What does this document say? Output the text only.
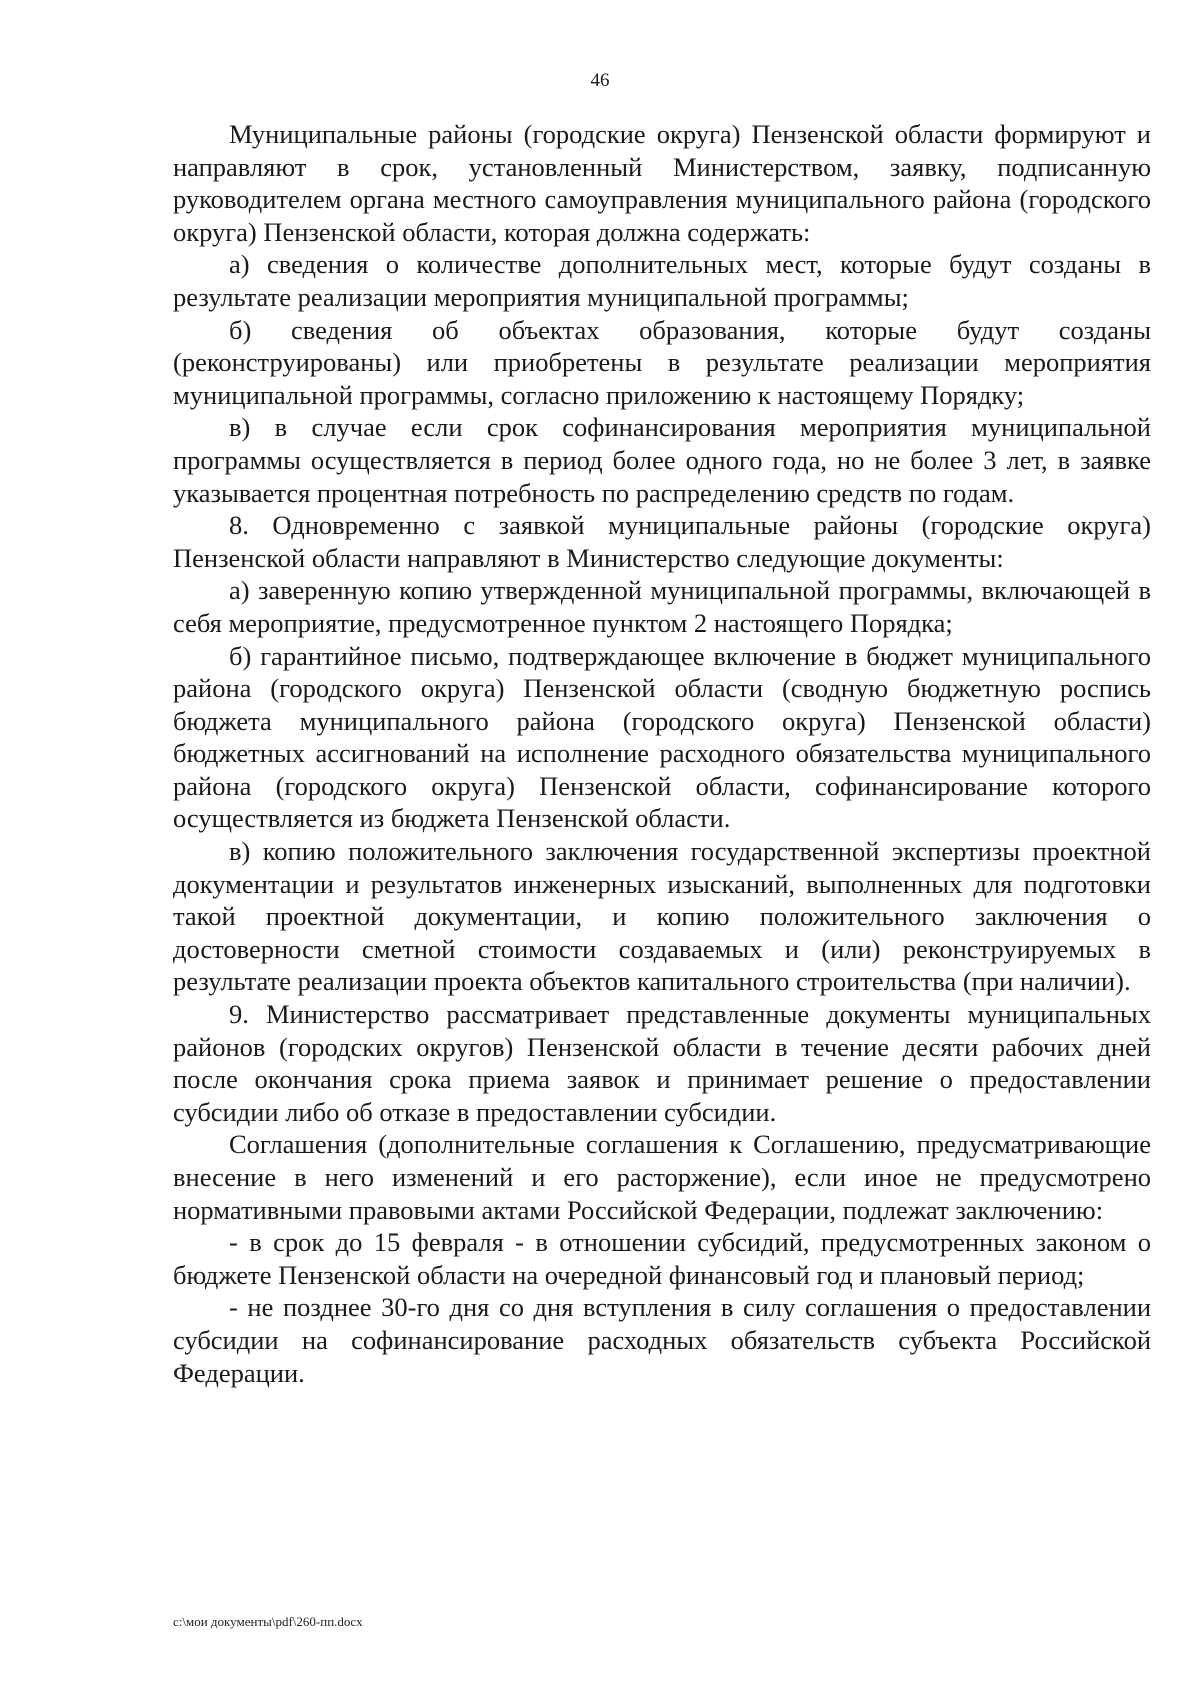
46

Муниципальные районы (городские округа) Пензенской области формируют и направляют в срок, установленный Министерством, заявку, подписанную руководителем органа местного самоуправления муниципального района (городского округа) Пензенской области, которая должна содержать:

а) сведения о количестве дополнительных мест, которые будут созданы в результате реализации мероприятия муниципальной программы;

б) сведения об объектах образования, которые будут созданы (реконструированы) или приобретены в результате реализации мероприятия муниципальной программы, согласно приложению к настоящему Порядку;

в) в случае если срок софинансирования мероприятия муниципальной программы осуществляется в период более одного года, но не более 3 лет, в заявке указывается процентная потребность по распределению средств по годам.

8. Одновременно с заявкой муниципальные районы (городские округа) Пензенской области направляют в Министерство следующие документы:

а) заверенную копию утвержденной муниципальной программы, включающей в себя мероприятие, предусмотренное пунктом 2 настоящего Порядка;

б) гарантийное письмо, подтверждающее включение в бюджет муниципального района (городского округа) Пензенской области (сводную бюджетную роспись бюджета муниципального района (городского округа) Пензенской области) бюджетных ассигнований на исполнение расходного обязательства муниципального района (городского округа) Пензенской области, софинансирование которого осуществляется из бюджета Пензенской области.

в) копию положительного заключения государственной экспертизы проектной документации и результатов инженерных изысканий, выполненных для подготовки такой проектной документации, и копию положительного заключения о достоверности сметной стоимости создаваемых и (или) реконструируемых в результате реализации проекта объектов капитального строительства (при наличии).

9. Министерство рассматривает представленные документы муниципальных районов (городских округов) Пензенской области в течение десяти рабочих дней после окончания срока приема заявок и принимает решение о предоставлении субсидии либо об отказе в предоставлении субсидии.

Соглашения (дополнительные соглашения к Соглашению, предусматривающие внесение в него изменений и его расторжение), если иное не предусмотрено нормативными правовыми актами Российской Федерации, подлежат заключению:

- в срок до 15 февраля - в отношении субсидий, предусмотренных законом о бюджете Пензенской области на очередной финансовый год и плановый период;

- не позднее 30-го дня со дня вступления в силу соглашения о предоставлении субсидии на софинансирование расходных обязательств субъекта Российской Федерации.

c:\мои документы\pdf\260-пп.docx
